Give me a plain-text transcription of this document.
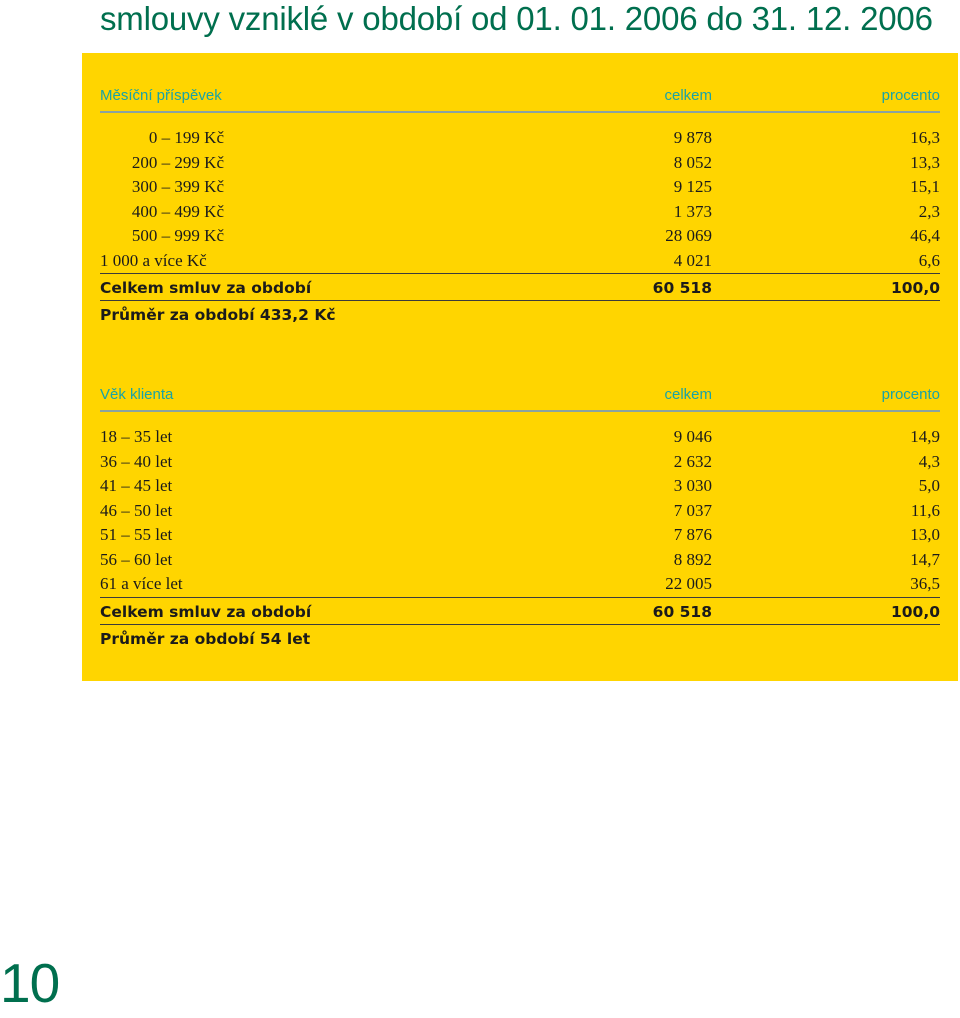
smlouvy vzniklé v období od 01. 01. 2006 do 31. 12. 2006
Měsíční příspěvek	celkem	procento
0 – 199 Kč	9 878	16,3
200 – 299 Kč	8 052	13,3
300 – 399 Kč	9 125	15,1
400 – 499 Kč	1 373	2,3
500 – 999 Kč	28 069	46,4
1 000 a více Kč	4 021	6,6
Celkem smluv za období	60 518	100,0
Průměr za období 433,2 Kč
Věk klienta	celkem	procento
18 – 35 let	9 046	14,9
36 – 40 let	2 632	4,3
41 – 45 let	3 030	5,0
46 – 50 let	7 037	11,6
51 – 55 let	7 876	13,0
56 – 60 let	8 892	14,7
61 a více let	22 005	36,5
Celkem smluv za období	60 518	100,0
Průměr za období 54 let
10
